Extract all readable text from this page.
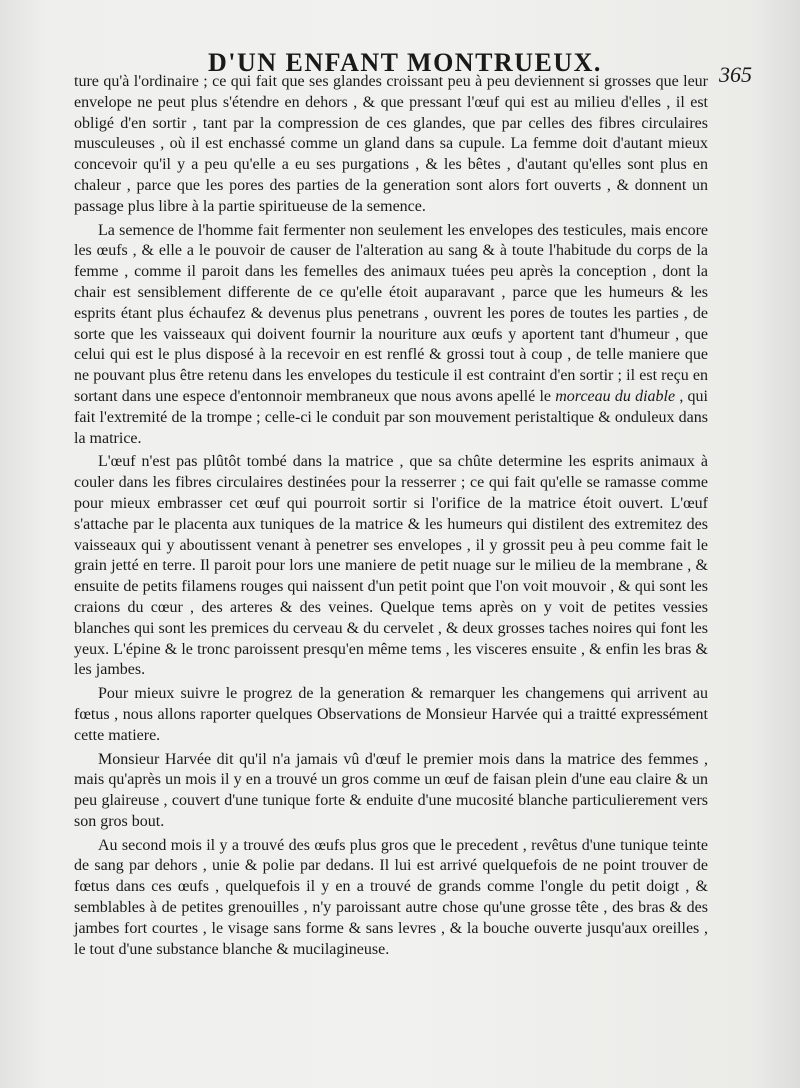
D'UN ENFANT MONTRUEUX.	365

ture qu'à l'ordinaire ; ce qui fait que ses glandes croissant peu à peu deviennent si grosses que leur envelope ne peut plus s'étendre en dehors , & que pressant l'œuf qui est au milieu d'elles , il est obligé d'en sortir , tant par la compression de ces glandes, que par celles des fibres circulaires musculeuses , où il est enchassé comme un gland dans sa cupule. La femme doit d'autant mieux concevoir qu'il y a peu qu'elle a eu ses purgations , & les bêtes , d'autant qu'elles sont plus en chaleur , parce que les pores des parties de la generation sont alors fort ouverts , & donnent un passage plus libre à la partie spiritueuse de la semence.

La semence de l'homme fait fermenter non seulement les envelopes des testicules, mais encore les œufs , & elle a le pouvoir de causer de l'alteration au sang & à toute l'habitude du corps de la femme , comme il paroit dans les femelles des animaux tuées peu après la conception , dont la chair est sensiblement differente de ce qu'elle étoit auparavant , parce que les humeurs & les esprits étant plus échaufez & devenus plus penetrans , ouvrent les pores de toutes les parties , de sorte que les vaisseaux qui doivent fournir la nouriture aux œufs y aportent tant d'humeur , que celui qui est le plus disposé à la recevoir en est renflé & grossi tout à coup , de telle maniere que ne pouvant plus être retenu dans les envelopes du testicule il est contraint d'en sortir ; il est reçu en sortant dans une espece d'entonnoir membraneux que nous avons apellé le morceau du diable , qui fait l'extremité de la trompe ; celle-ci le conduit par son mouvement peristaltique & onduleux dans la matrice.

L'œuf n'est pas plûtôt tombé dans la matrice , que sa chûte determine les esprits animaux à couler dans les fibres circulaires destinées pour la resserrer ; ce qui fait qu'elle se ramasse comme pour mieux embrasser cet œuf qui pourroit sortir si l'orifice de la matrice étoit ouvert. L'œuf s'attache par le placenta aux tuniques de la matrice & les humeurs qui distilent des extremitez des vaisseaux qui y aboutissent venant à penetrer ses envelopes , il y grossit peu à peu comme fait le grain jetté en terre. Il paroit pour lors une maniere de petit nuage sur le milieu de la membrane , & ensuite de petits filamens rouges qui naissent d'un petit point que l'on voit mouvoir , & qui sont les craions du cœur , des arteres & des veines. Quelque tems après on y voit de petites vessies blanches qui sont les premices du cerveau & du cervelet , & deux grosses taches noires qui font les yeux. L'épine & le tronc paroissent presqu'en même tems , les visceres ensuite , & enfin les bras & les jambes.

Pour mieux suivre le progrez de la generation & remarquer les changemens qui arrivent au fœtus , nous allons raporter quelques Observations de Monsieur Harvée qui a traitté expressément cette matiere.

Monsieur Harvée dit qu'il n'a jamais vû d'œuf le premier mois dans la matrice des femmes , mais qu'après un mois il y en a trouvé un gros comme un œuf de faisan plein d'une eau claire & un peu glaireuse , couvert d'une tunique forte & enduite d'une mucosité blanche particulierement vers son gros bout.

Au second mois il y a trouvé des œufs plus gros que le precedent , revêtus d'une tunique teinte de sang par dehors , unie & polie par dedans. Il lui est arrivé quelquefois de ne point trouver de fœtus dans ces œufs , quelquefois il y en a trouvé de grands comme l'ongle du petit doigt , & semblables à de petites grenouilles , n'y paroissant autre chose qu'une grosse tête , des bras & des jambes fort courtes , le visage sans forme & sans levres , & la bouche ouverte jusqu'aux oreilles , le tout d'une substance blanche & mucilagineuse.
